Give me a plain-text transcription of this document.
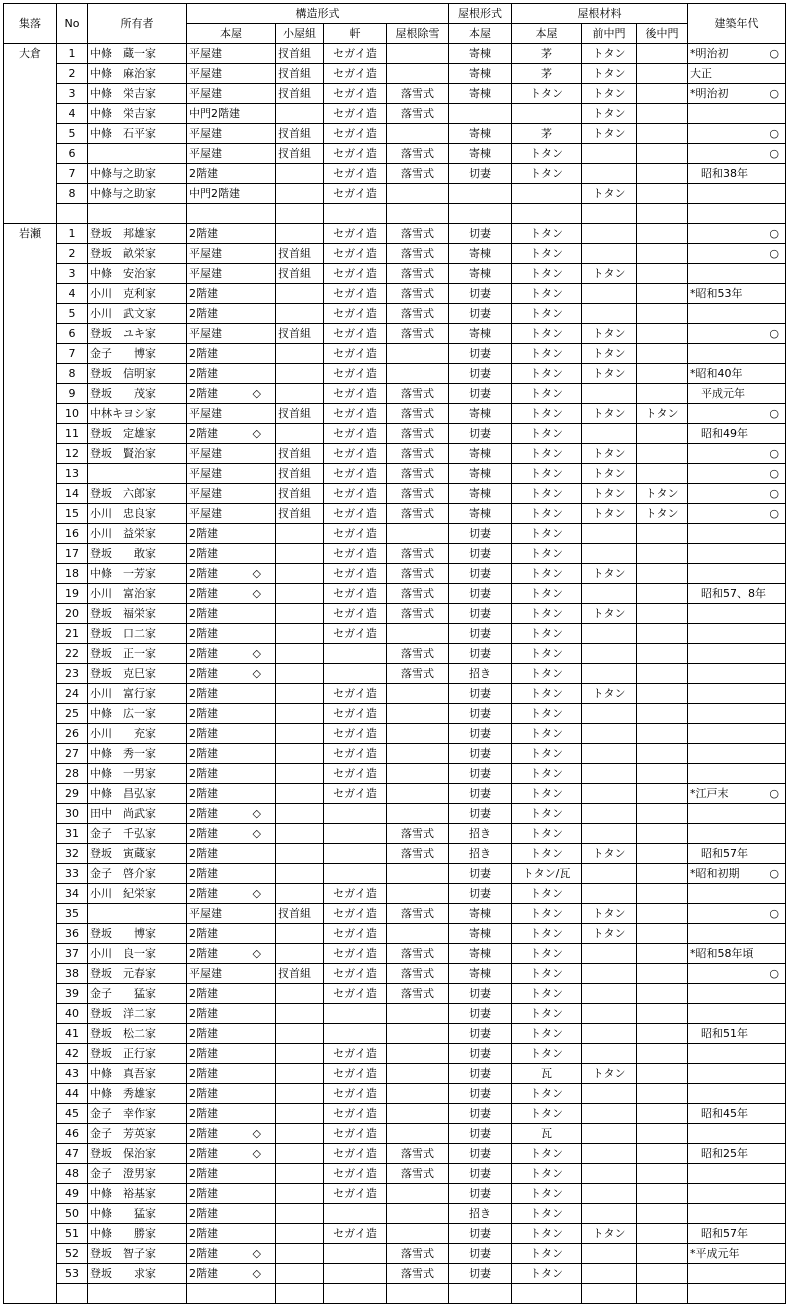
集落	No	所有者	構造形式				屋根形式	屋根材料			建築年代
			本屋	小屋組	軒	屋根除雪	本屋	本屋	前中門	後中門	
大倉	1	中條　蔵一家	平屋建	扠首組	セガイ造		寄棟	茅	トタン		*明治初 ○

	2	中條　麻治家	平屋建	扠首組	セガイ造		寄棟	茅	トタン		大正

	3	中條　栄吉家	平屋建	扠首組	セガイ造	落雪式	寄棟	トタン	トタン		*明治初 ○

	4	中條　栄吉家	中門2階建		セガイ造	落雪式			トタン		

	5	中條　石平家	平屋建	扠首組	セガイ造		寄棟	茅	トタン		○

	6		平屋建	扠首組	セガイ造	落雪式	寄棟	トタン			○

	7	中條与之助家	2階建		セガイ造	落雪式	切妻	トタン			　昭和38年

	8	中條与之助家	中門2階建		セガイ造				トタン		

岩瀬	1	登坂　邦雄家	2階建		セガイ造	落雪式	切妻	トタン			○

	2	登坂　畝栄家	平屋建	扠首組	セガイ造	落雪式	寄棟	トタン			○

	3	中條　安治家	平屋建	扠首組	セガイ造	落雪式	寄棟	トタン	トタン		

	4	小川　克利家	2階建		セガイ造	落雪式	切妻	トタン			*昭和53年

	5	小川　武文家	2階建		セガイ造	落雪式	切妻	トタン			

	6	登坂　ユキ家	平屋建	扠首組	セガイ造	落雪式	寄棟	トタン	トタン		○

	7	金子　　博家	2階建		セガイ造		切妻	トタン	トタン		

	8	登坂　信明家	2階建		セガイ造		切妻	トタン	トタン		*昭和40年

	9	登坂　　茂家	2階建 ◇		セガイ造	落雪式	切妻	トタン			　平成元年

	10	中林キヨシ家	平屋建	扠首組	セガイ造	落雪式	寄棟	トタン	トタン	トタン	○

	11	登坂　定雄家	2階建 ◇		セガイ造	落雪式	切妻	トタン			　昭和49年

	12	登坂　賢治家	平屋建	扠首組	セガイ造	落雪式	寄棟	トタン	トタン		○

	13		平屋建	扠首組	セガイ造	落雪式	寄棟	トタン	トタン		○

	14	登坂　六郎家	平屋建	扠首組	セガイ造	落雪式	寄棟	トタン	トタン	トタン	○

	15	小川　忠良家	平屋建	扠首組	セガイ造	落雪式	寄棟	トタン	トタン	トタン	○

	16	小川　益栄家	2階建		セガイ造		切妻	トタン			

	17	登坂　　敢家	2階建		セガイ造	落雪式	切妻	トタン			

	18	中條　一芳家	2階建 ◇		セガイ造	落雪式	切妻	トタン	トタン		

	19	小川　富治家	2階建 ◇		セガイ造	落雪式	切妻	トタン			　昭和57、8年

	20	登坂　福栄家	2階建		セガイ造	落雪式	切妻	トタン	トタン		

	21	登坂　口二家	2階建		セガイ造		切妻	トタン			

	22	登坂　正一家	2階建 ◇			落雪式	切妻	トタン			

	23	登坂　克巳家	2階建 ◇			落雪式	招き	トタン			

	24	小川　富行家	2階建		セガイ造		切妻	トタン	トタン		

	25	中條　広一家	2階建		セガイ造		切妻	トタン			

	26	小川　　充家	2階建		セガイ造		切妻	トタン			

	27	中條　秀一家	2階建		セガイ造		切妻	トタン			

	28	中條　一男家	2階建		セガイ造		切妻	トタン			

	29	中條　昌弘家	2階建		セガイ造		切妻	トタン			*江戸末 ○

	30	田中　尚武家	2階建 ◇				切妻	トタン			

	31	金子　千弘家	2階建 ◇			落雪式	招き	トタン			

	32	登坂　寅蔵家	2階建			落雪式	招き	トタン	トタン		　昭和57年

	33	金子　啓介家	2階建				切妻	トタン/瓦			*昭和初期 ○

	34	小川　紀栄家	2階建 ◇		セガイ造		切妻	トタン			

	35		平屋建	扠首組	セガイ造	落雪式	寄棟	トタン	トタン		○

	36	登坂　　博家	2階建		セガイ造		寄棟	トタン	トタン		

	37	小川　良一家	2階建 ◇		セガイ造	落雪式	寄棟	トタン			*昭和58年頃

	38	登坂　元春家	平屋建	扠首組	セガイ造	落雪式	寄棟	トタン			○

	39	金子　　猛家	2階建		セガイ造	落雪式	切妻	トタン			

	40	登坂　洋二家	2階建				切妻	トタン			

	41	登坂　松二家	2階建				切妻	トタン			　昭和51年

	42	登坂　正行家	2階建		セガイ造		切妻	トタン			

	43	中條　真吾家	2階建		セガイ造		切妻	瓦	トタン		

	44	中條　秀雄家	2階建		セガイ造		切妻	トタン			

	45	金子　幸作家	2階建		セガイ造		切妻	トタン			　昭和45年

	46	金子　芳英家	2階建 ◇		セガイ造		切妻	瓦			

	47	登坂　保治家	2階建 ◇		セガイ造	落雪式	切妻	トタン			　昭和25年

	48	金子　澄男家	2階建		セガイ造	落雪式	切妻	トタン			

	49	中條　裕基家	2階建		セガイ造		切妻	トタン			

	50	中條　　猛家	2階建				招き	トタン			

	51	中條　　勝家	2階建		セガイ造		切妻	トタン	トタン		　昭和57年

	52	登坂　智子家	2階建 ◇			落雪式	切妻	トタン			*平成元年

	53	登坂　　求家	2階建 ◇			落雪式	切妻	トタン			
